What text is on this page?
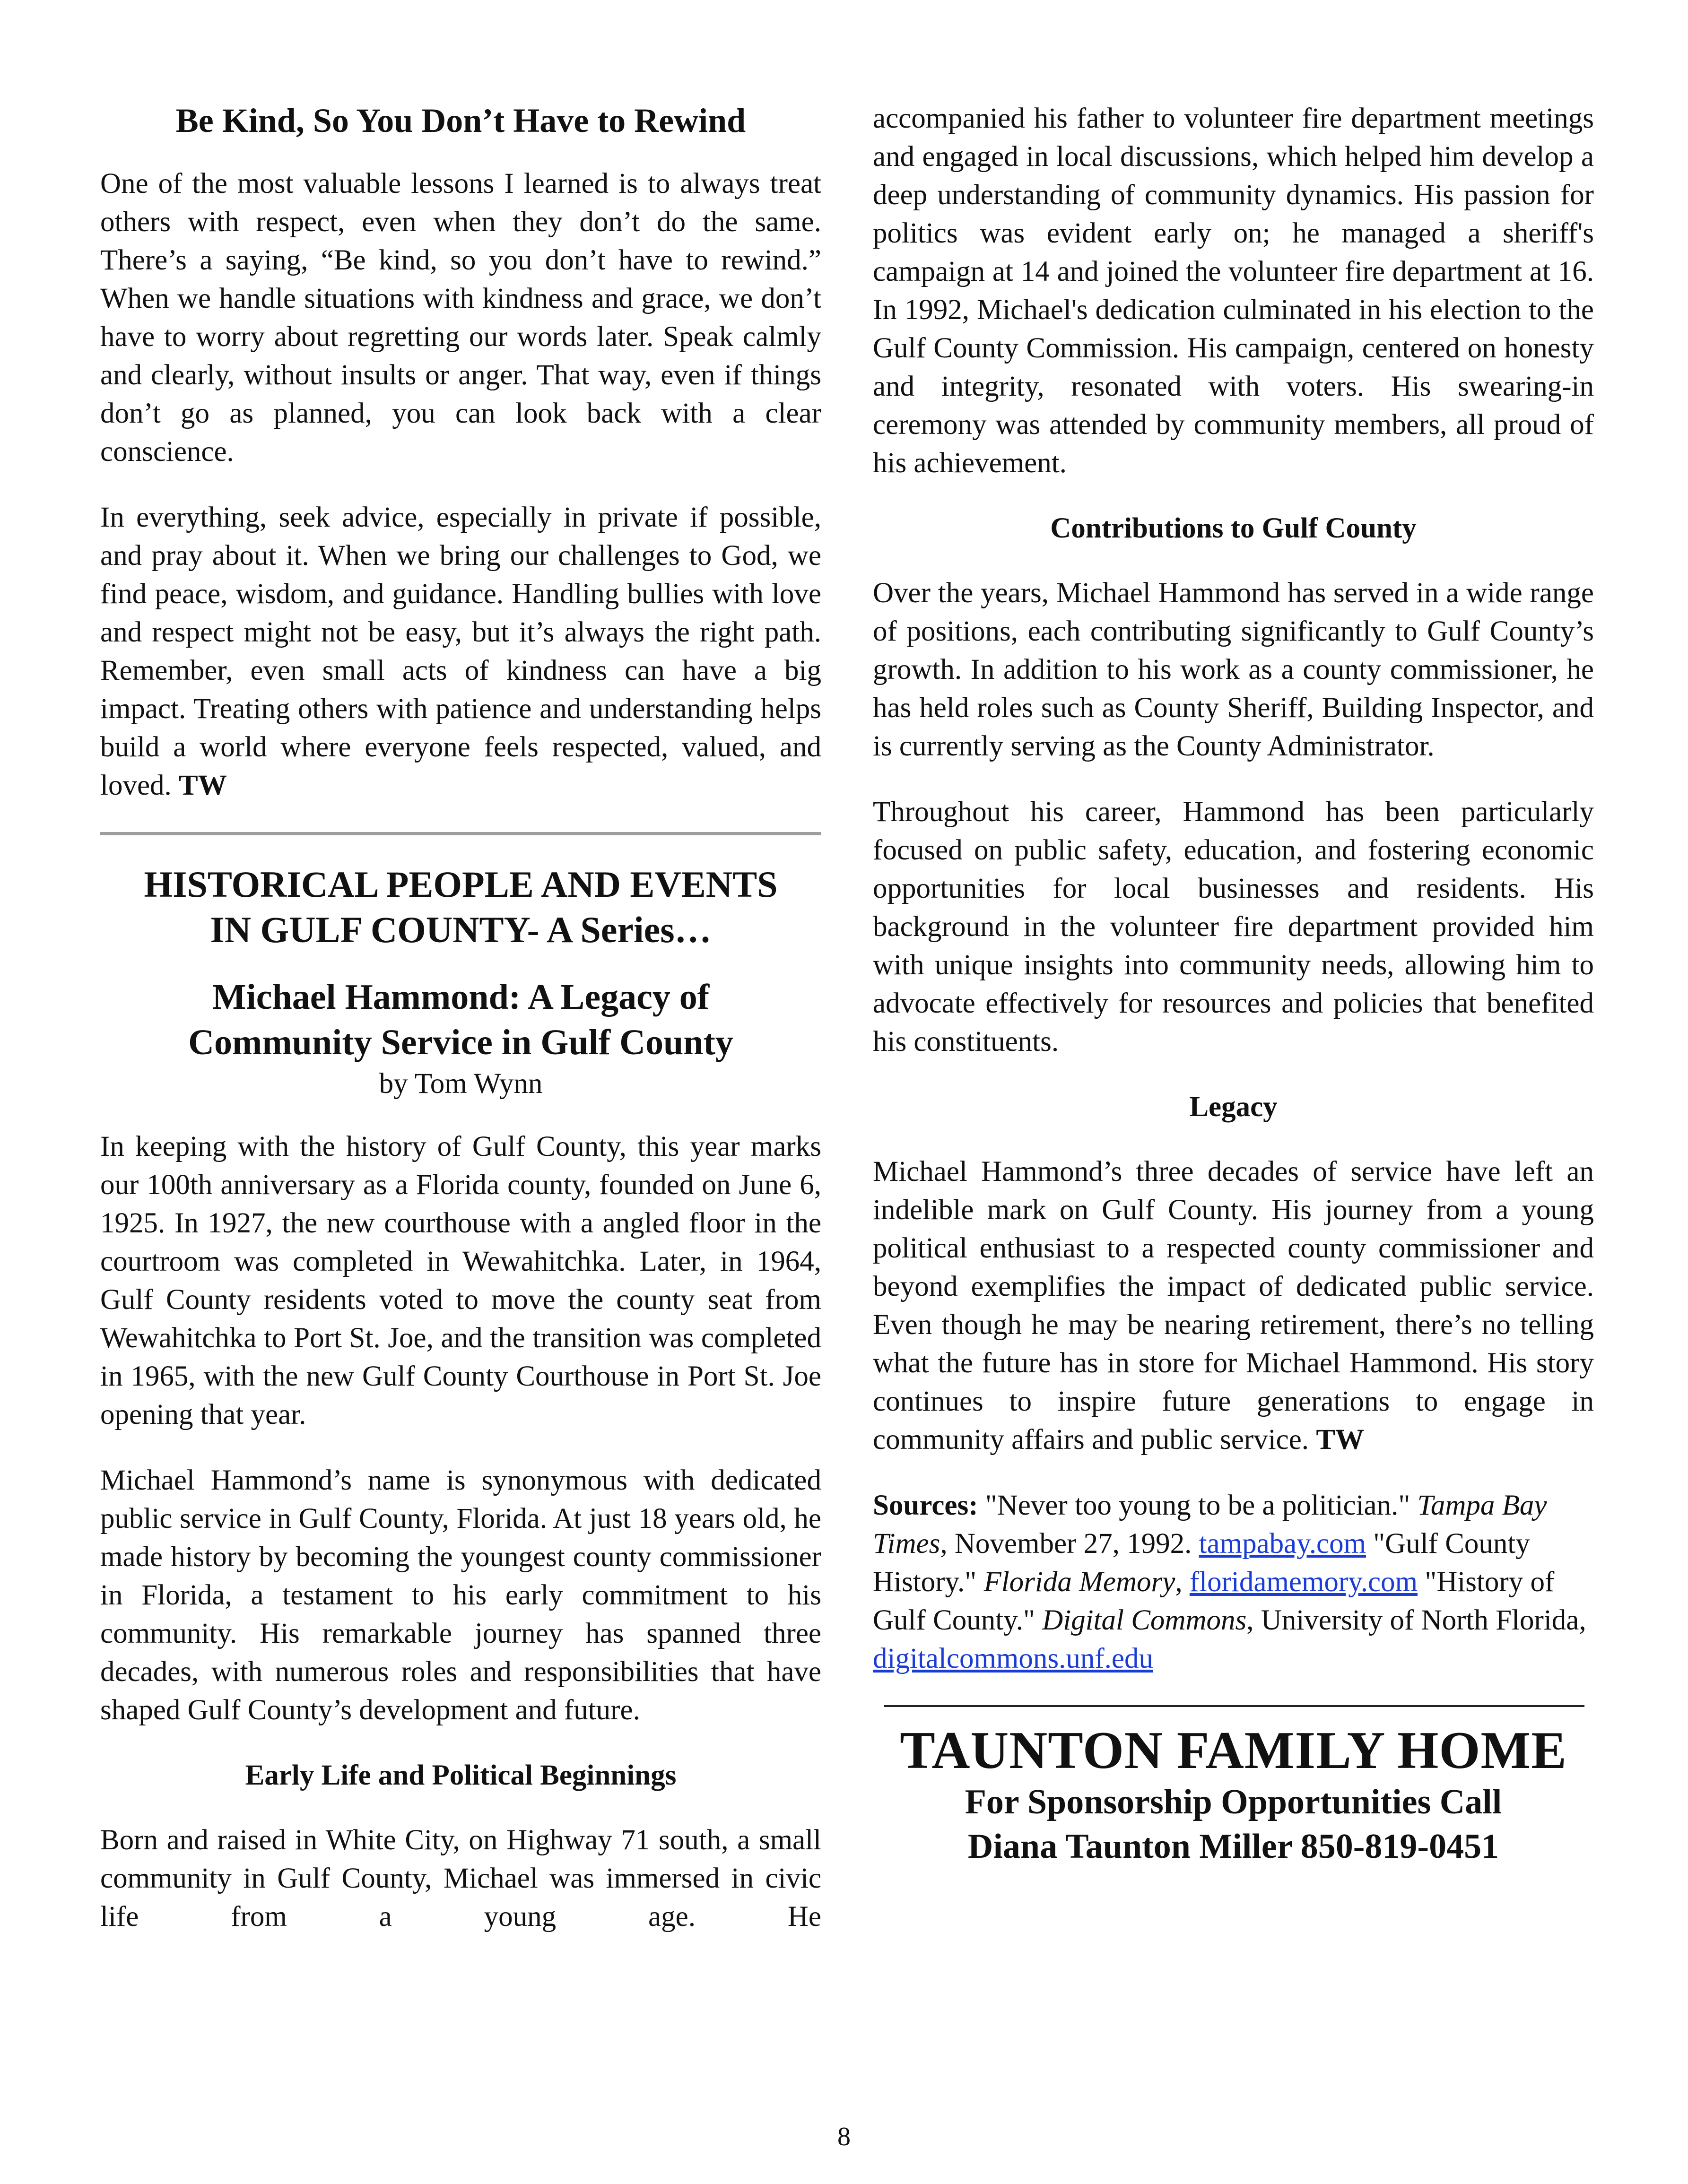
Be Kind, So You Don’t Have to Rewind

One of the most valuable lessons I learned is to always treat others with respect, even when they don’t do the same. There’s a saying, “Be kind, so you don’t have to rewind.” When we handle situations with kindness and grace, we don’t have to worry about regretting our words later. Speak calmly and clearly, without insults or anger. That way, even if things don’t go as planned, you can look back with a clear conscience.

In everything, seek advice, especially in private if possible, and pray about it. When we bring our challenges to God, we find peace, wisdom, and guidance. Handling bullies with love and respect might not be easy, but it’s always the right path. Remember, even small acts of kindness can have a big impact. Treating others with patience and understanding helps build a world where everyone feels respected, valued, and loved. TW

HISTORICAL PEOPLE AND EVENTS
IN GULF COUNTY- A Series…
Michael Hammond: A Legacy of
Community Service in Gulf County
by Tom Wynn

In keeping with the history of Gulf County, this year marks our 100th anniversary as a Florida county, founded on June 6, 1925. In 1927, the new courthouse with a angled floor in the courtroom was completed in Wewahitchka. Later, in 1964, Gulf County residents voted to move the county seat from Wewahitchka to Port St. Joe, and the transition was completed in 1965, with the new Gulf County Courthouse in Port St. Joe opening that year.

Michael Hammond’s name is synonymous with dedicated public service in Gulf County, Florida. At just 18 years old, he made history by becoming the youngest county commissioner in Florida, a testament to his early commitment to his community. His remarkable journey has spanned three decades, with numerous roles and responsibilities that have shaped Gulf County’s development and future.

Early Life and Political Beginnings

Born and raised in White City, on Highway 71 south, a small community in Gulf County, Michael was immersed in civic life from a young age. He

accompanied his father to volunteer fire department meetings and engaged in local discussions, which helped him develop a deep understanding of community dynamics. His passion for politics was evident early on; he managed a sheriff's campaign at 14 and joined the volunteer fire department at 16. In 1992, Michael's dedication culminated in his election to the Gulf County Commission. His campaign, centered on honesty and integrity, resonated with voters. His swearing-in ceremony was attended by community members, all proud of his achievement.

Contributions to Gulf County

Over the years, Michael Hammond has served in a wide range of positions, each contributing significantly to Gulf County’s growth. In addition to his work as a county commissioner, he has held roles such as County Sheriff, Building Inspector, and is currently serving as the County Administrator.

Throughout his career, Hammond has been particularly focused on public safety, education, and fostering economic opportunities for local businesses and residents. His background in the volunteer fire department provided him with unique insights into community needs, allowing him to advocate effectively for resources and policies that benefited his constituents.

Legacy

Michael Hammond’s three decades of service have left an indelible mark on Gulf County. His journey from a young political enthusiast to a respected county commissioner and beyond exemplifies the impact of dedicated public service. Even though he may be nearing retirement, there’s no telling what the future has in store for Michael Hammond. His story continues to inspire future generations to engage in community affairs and public service. TW

Sources: "Never too young to be a politician." Tampa Bay Times, November 27, 1992. tampabay.com "Gulf County History." Florida Memory, floridamemory.com "History of Gulf County." Digital Commons, University of North Florida, digitalcommons.unf.edu

TAUNTON FAMILY HOME
For Sponsorship Opportunities Call
Diana Taunton Miller 850-819-0451
8
